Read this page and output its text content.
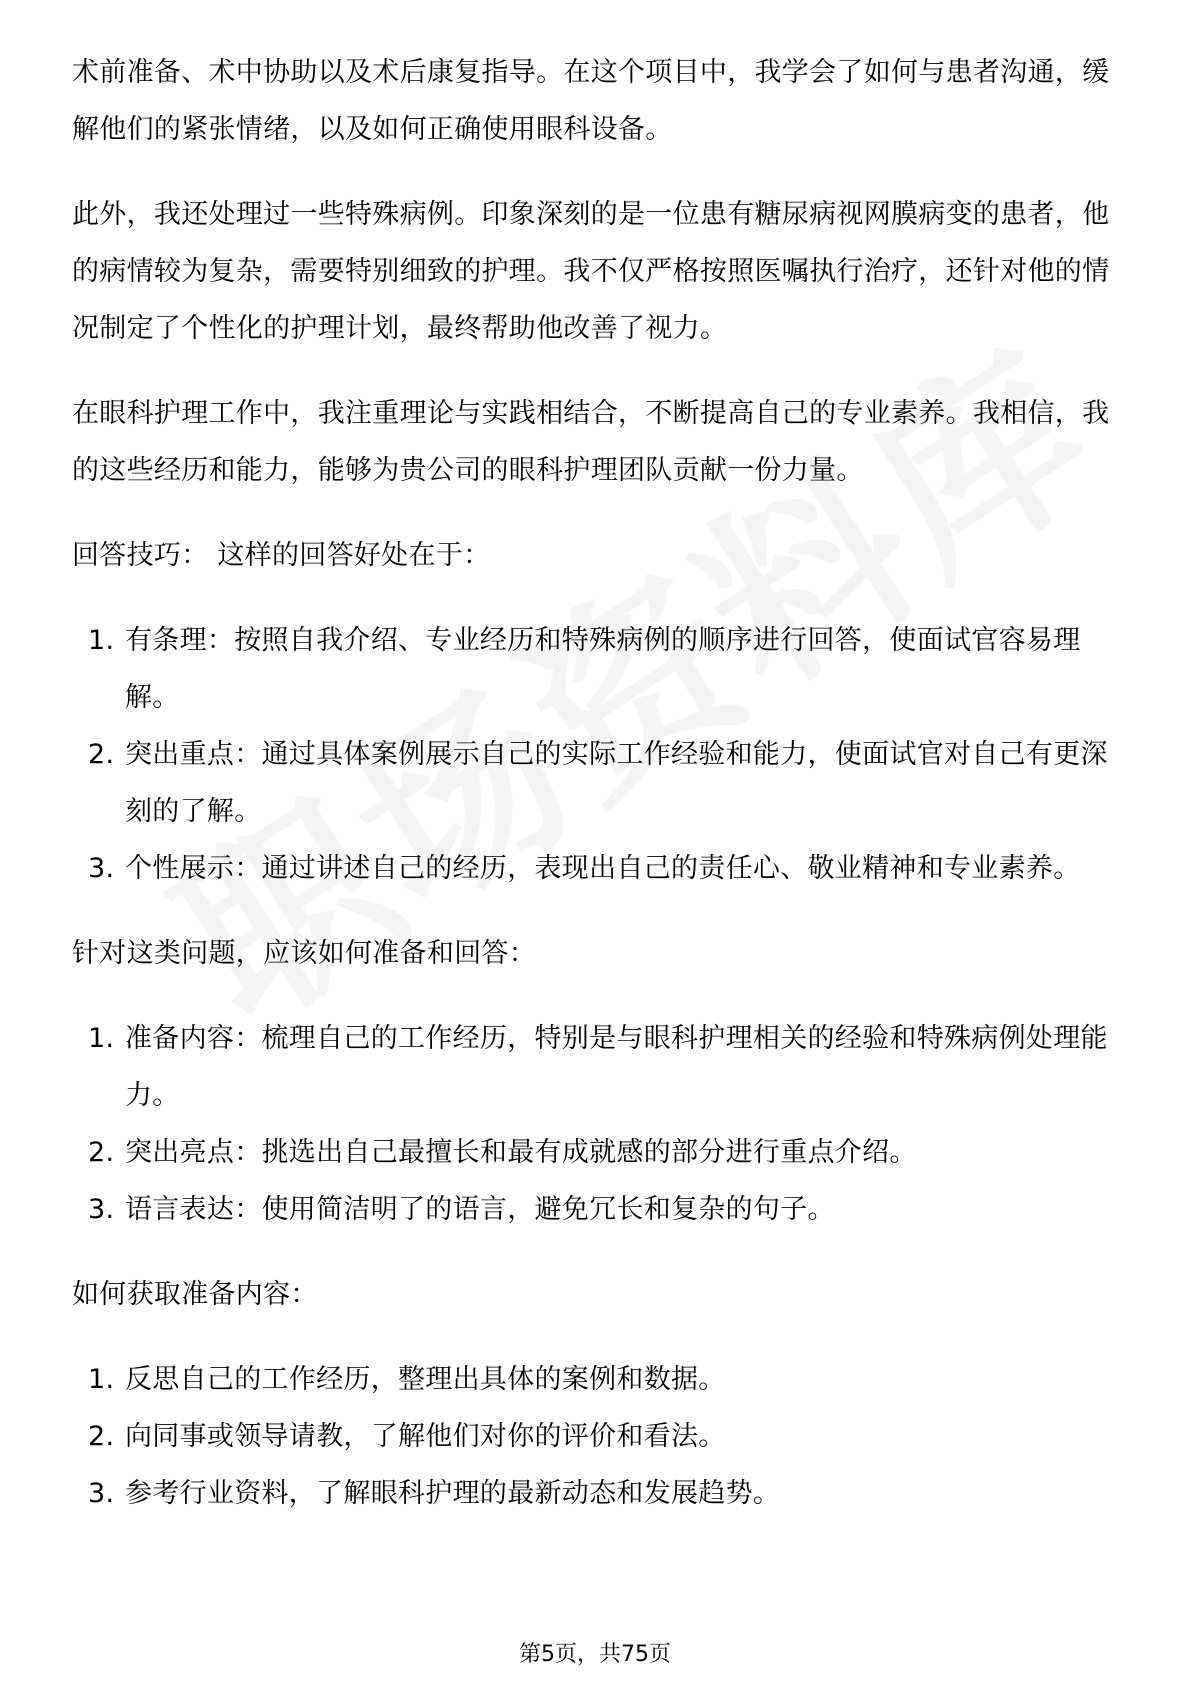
术前准备、术中协助以及术后康复指导。在这个项目中，我学会了如何与患者沟通，缓解他们的紧张情绪，以及如何正确使用眼科设备。

此外，我还处理过一些特殊病例。印象深刻的是一位患有糖尿病视网膜病变的患者，他的病情较为复杂，需要特别细致的护理。我不仅严格按照医嘱执行治疗，还针对他的情况制定了个性化的护理计划，最终帮助他改善了视力。

在眼科护理工作中，我注重理论与实践相结合，不断提高自己的专业素养。我相信，我的这些经历和能力，能够为贵公司的眼科护理团队贡献一份力量。

回答技巧： 这样的回答好处在于：

1. 有条理：按照自我介绍、专业经历和特殊病例的顺序进行回答，使面试官容易理解。
2. 突出重点：通过具体案例展示自己的实际工作经验和能力，使面试官对自己有更深刻的了解。
3. 个性展示：通过讲述自己的经历，表现出自己的责任心、敬业精神和专业素养。

针对这类问题，应该如何准备和回答：

1. 准备内容：梳理自己的工作经历，特别是与眼科护理相关的经验和特殊病例处理能力。
2. 突出亮点：挑选出自己最擅长和最有成就感的部分进行重点介绍。
3. 语言表达：使用简洁明了的语言，避免冗长和复杂的句子。

如何获取准备内容：

1. 反思自己的工作经历，整理出具体的案例和数据。
2. 向同事或领导请教，了解他们对你的评价和看法。
3. 参考行业资料，了解眼科护理的最新动态和发展趋势。
第5页，共75页
